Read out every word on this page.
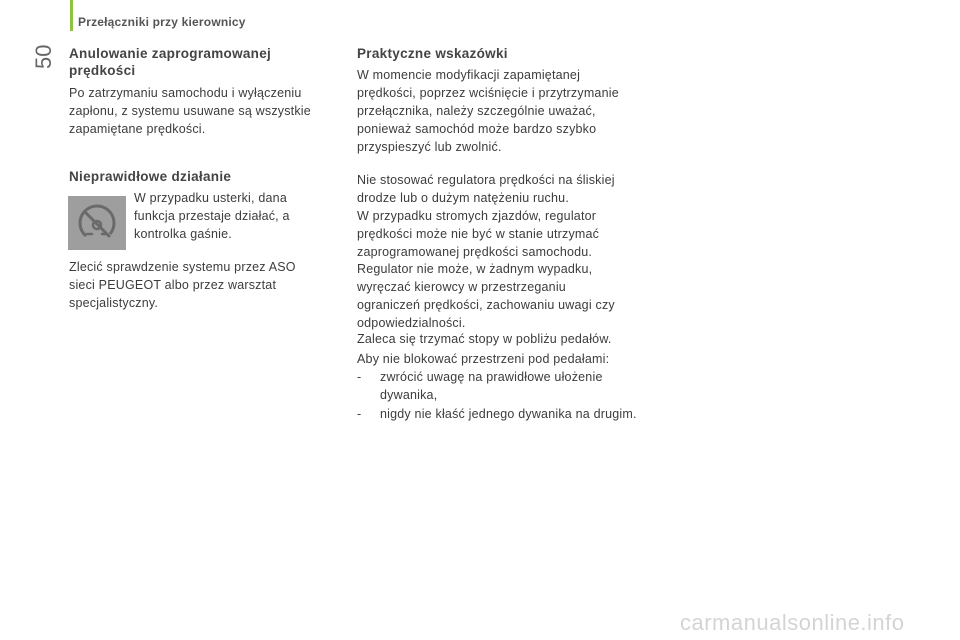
Przełączniki przy kierownicy
50 Anulowanie zaprogramowanej prędkości

Po zatrzymaniu samochodu i wyłączeniu zapłonu, z systemu usuwane są wszystkie zapamiętane prędkości.

Nieprawidłowe działanie

W przypadku usterki, dana funkcja przestaje działać, a kontrolka gaśnie.

Zlecić sprawdzenie systemu przez ASO sieci PEUGEOT albo przez warsztat specjalistyczny.

Praktyczne wskazówki

W momencie modyfikacji zapamiętanej prędkości, poprzez wciśnięcie i przytrzymanie przełącznika, należy szczególnie uważać, ponieważ samochód może bardzo szybko przyspieszyć lub zwolnić.

Nie stosować regulatora prędkości na śliskiej drodze lub o dużym natężeniu ruchu.

W przypadku stromych zjazdów, regulator prędkości może nie być w stanie utrzymać zaprogramowanej prędkości samochodu.

Regulator nie może, w żadnym wypadku, wyręczać kierowcy w przestrzeganiu ograniczeń prędkości, zachowaniu uwagi czy odpowiedzialności.

Zaleca się trzymać stopy w pobliżu pedałów.

Aby nie blokować przestrzeni pod pedałami:

-	zwrócić uwagę na prawidłowe ułożenie dywanika,

-	nigdy nie kłaść jednego dywanika na drugim.

carmanualsonline.info
